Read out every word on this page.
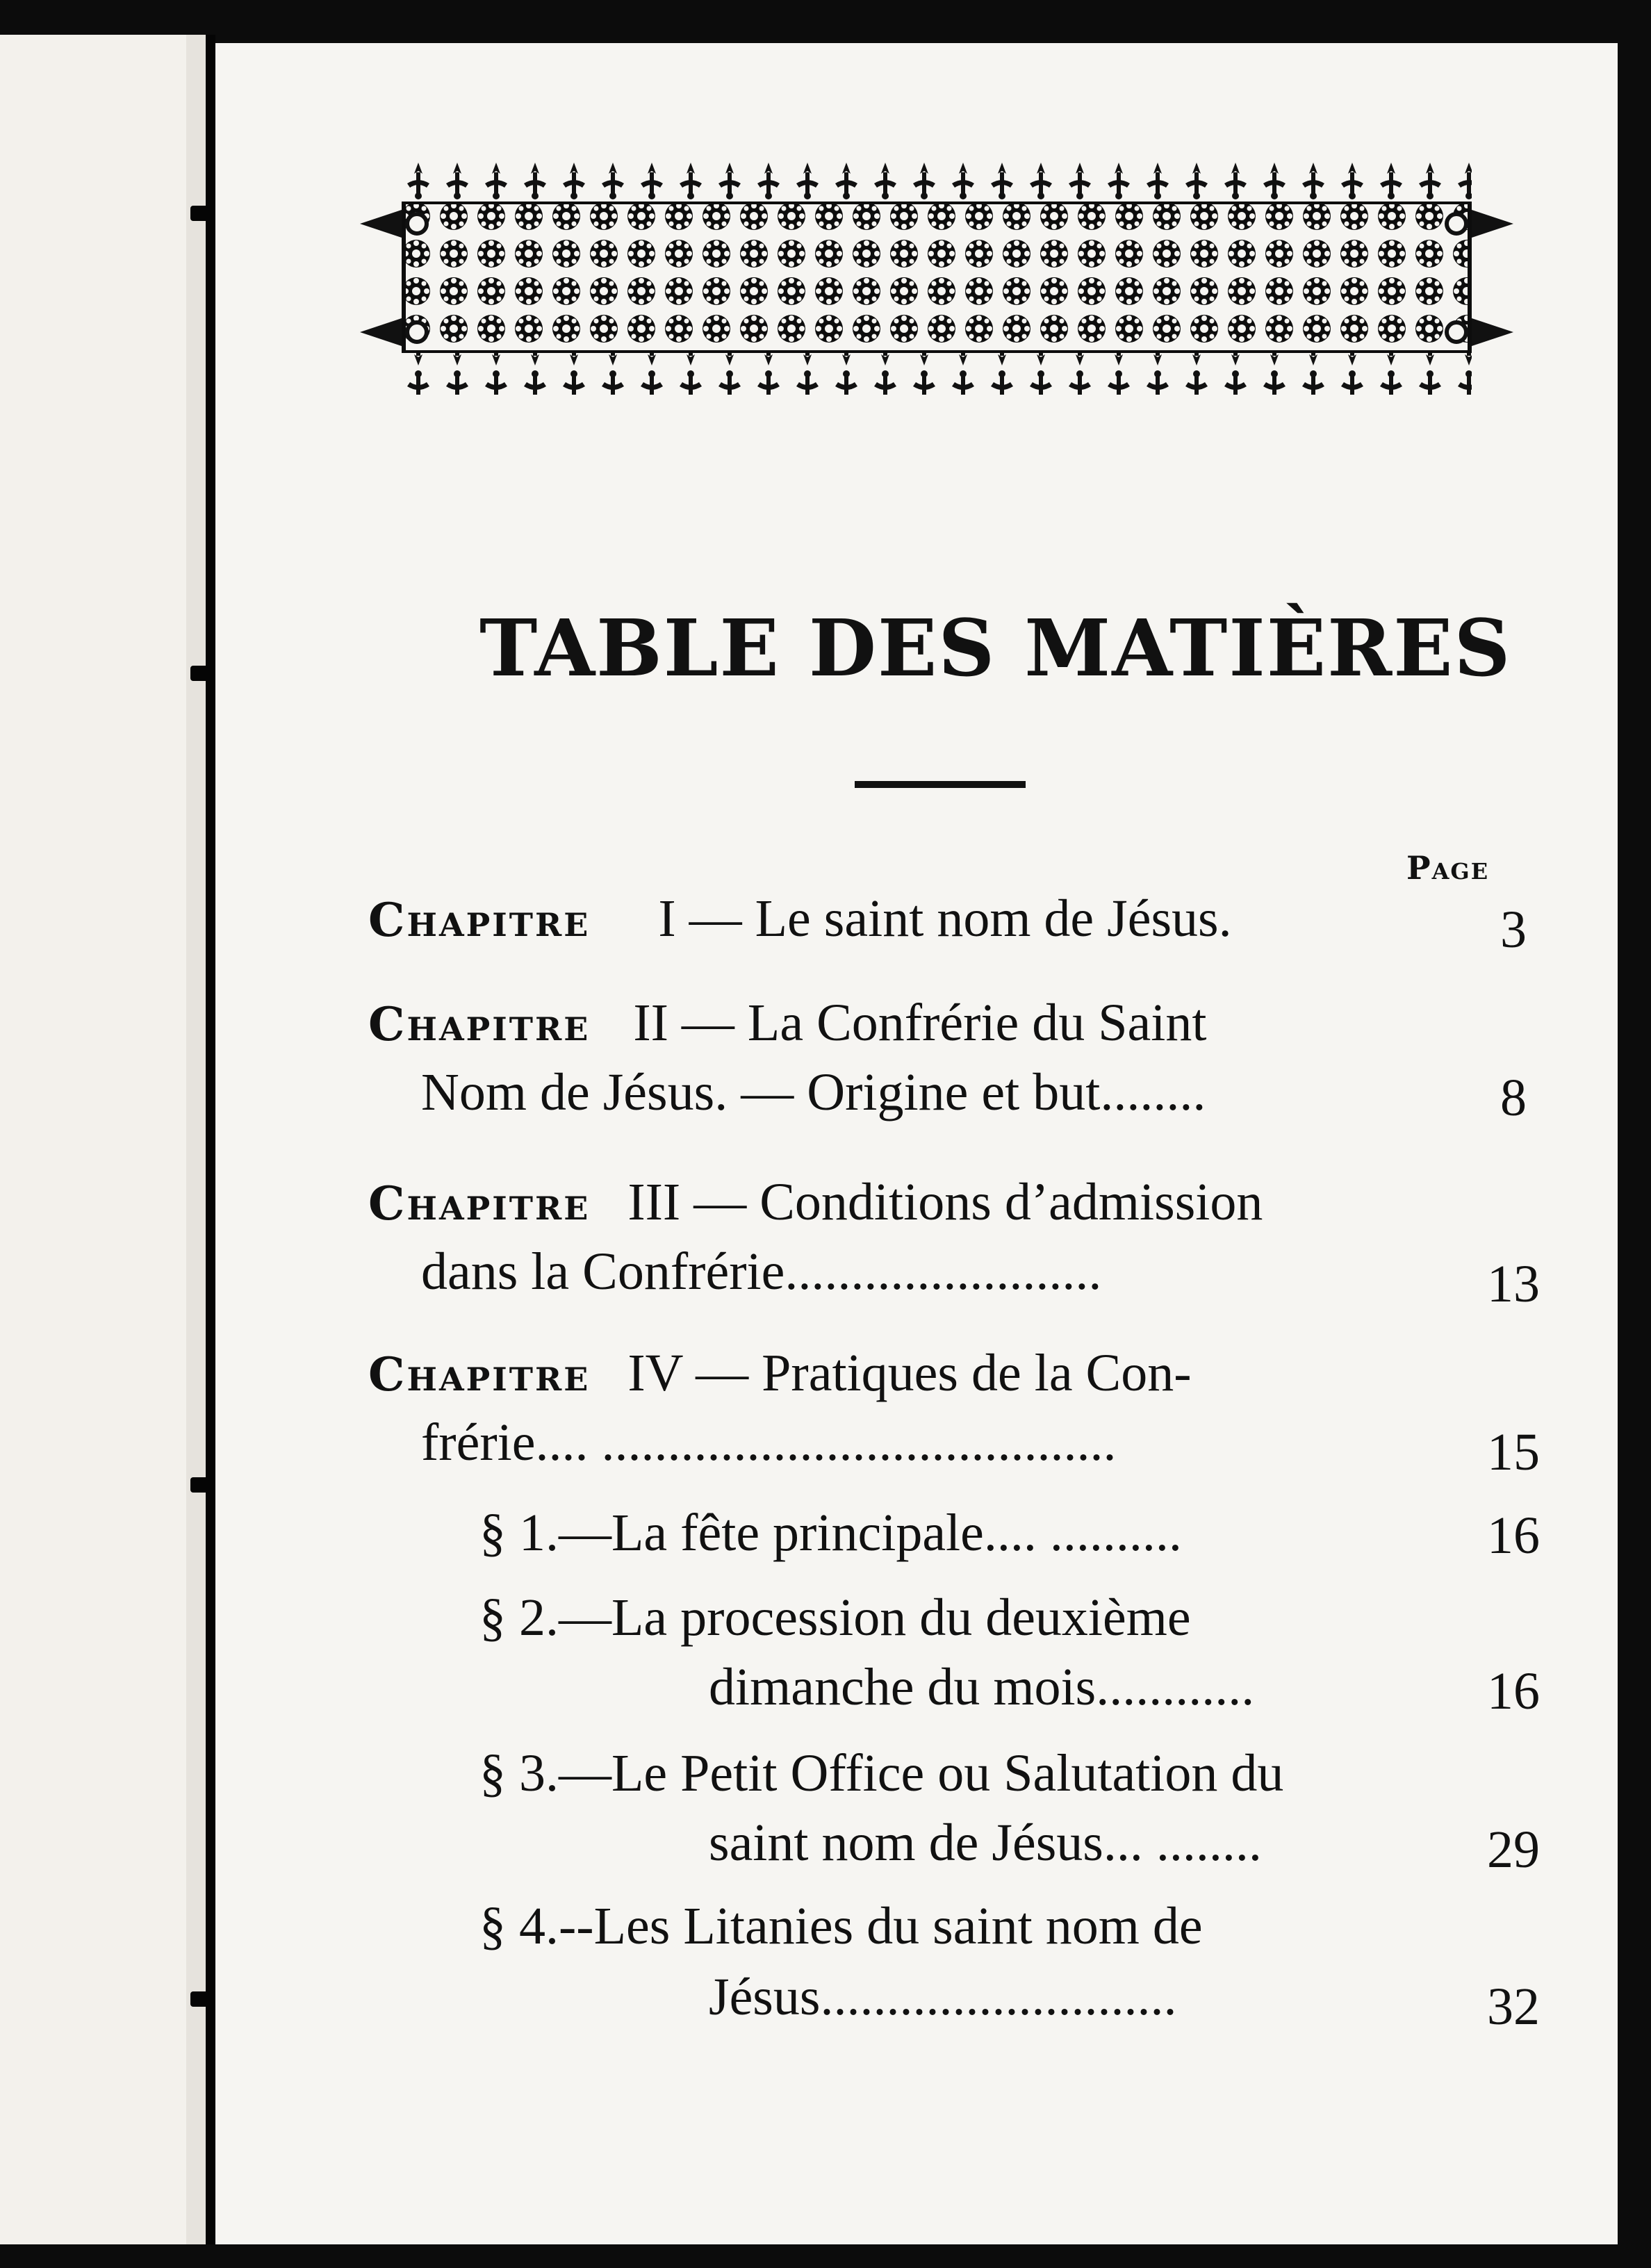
TABLE DES MATIÈRES
Page
Chapitre I — Le saint nom de Jésus.	3
Chapitre II — La Confrérie du Saint
Nom de Jésus. — Origine et but........	8
Chapitre III — Conditions d’admission
dans la Confrérie........................	13
Chapitre IV — Pratiques de la Con-
frérie.... .......................................	15
§ 1.—La fête principale.... ..........	16
§ 2.—La procession du deuxième
dimanche du mois............	16
§ 3.—Le Petit Office ou Salutation du
saint nom de Jésus... ........	29
§ 4.--Les Litanies du saint nom de
Jésus...........................	32
